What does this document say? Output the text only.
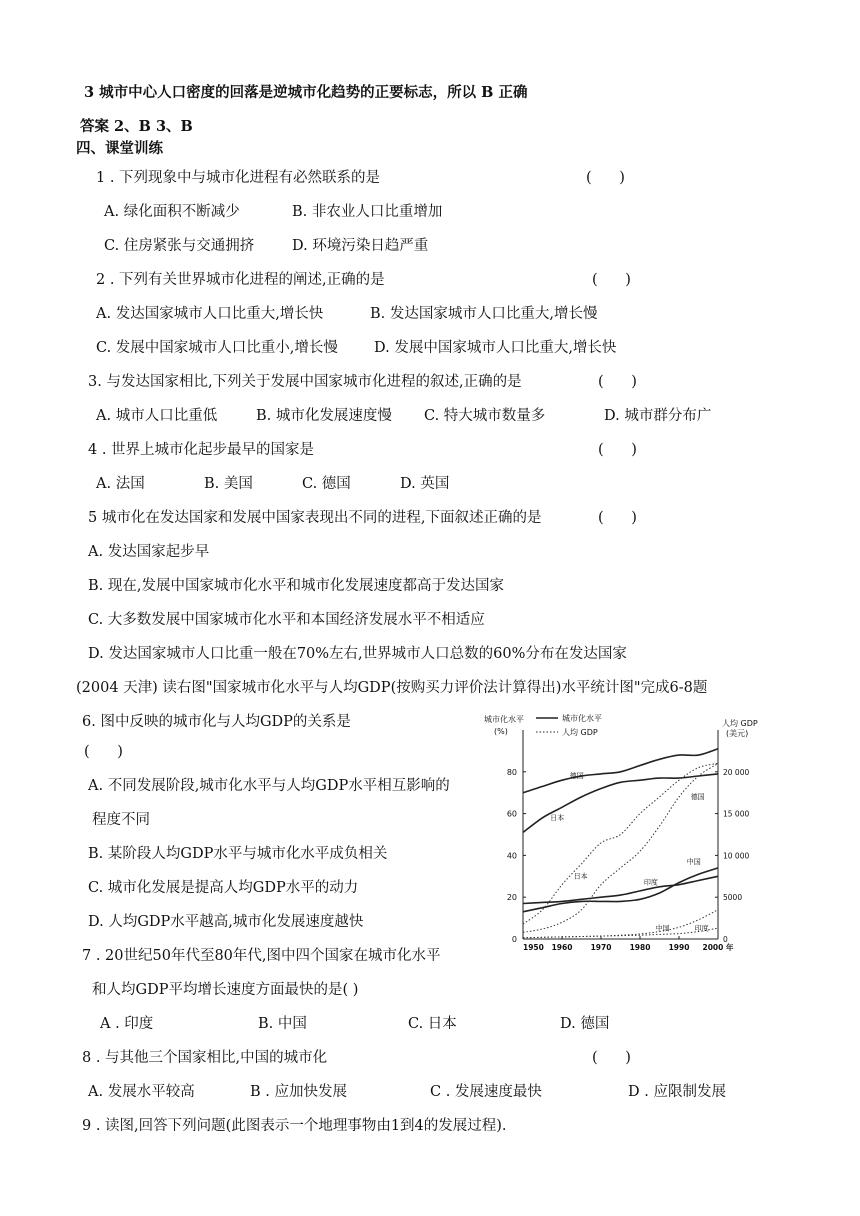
3 城市中心人口密度的回落是逆城市化趋势的正要标志，所以 B 正确
答案 2、B 3、B
四、课堂训练
1 . 下列现象中与城市化进程有必然联系的是	(      )
A. 绿化面积不断减少	B. 非农业人口比重增加
C. 住房紧张与交通拥挤	D. 环境污染日趋严重
2 . 下列有关世界城市化进程的阐述,正确的是	(      )
A. 发达国家城市人口比重大,增长快	B. 发达国家城市人口比重大,增长慢
C. 发展中国家城市人口比重小,增长慢 D. 发展中国家城市人口比重大,增长快
3. 与发达国家相比,下列关于发展中国家城市化进程的叙述,正确的是	(      )
A. 城市人口比重低	B. 城市化发展速度慢 C. 特大城市数量多	D. 城市群分布广
4 . 世界上城市化起步最早的国家是	(      )
A. 法国	B. 美国	C. 德国	D. 英国
5 城市化在发达国家和发展中国家表现出不同的进程,下面叙述正确的是	(      )
A. 发达国家起步早
B. 现在,发展中国家城市化水平和城市化发展速度都高于发达国家
C. 大多数发展中国家城市化水平和本国经济发展水平不相适应
D. 发达国家城市人口比重一般在70%左右,世界城市人口总数的60%分布在发达国家
(2004 天津) 读右图"国家城市化水平与人均GDP(按购买力评价法计算得出)水平统计图"完成6-8题
6. 图中反映的城市化与人均GDP的关系是
(      )
A. 不同发展阶段,城市化水平与人均GDP水平相互影响的
程度不同
B. 某阶段人均GDP水平与城市化水平成负相关
C. 城市化发展是提高人均GDP水平的动力
D. 人均GDP水平越高,城市化发展速度越快
7 . 20世纪50年代至80年代,图中四个国家在城市化水平
和人均GDP平均增长速度方面最快的是( )
A . 印度	B. 中国	C. 日本	D. 德国
8 . 与其他三个国家相比,中国的城市化	(      )
A. 发展水平较高	B . 应加快发展	C . 发展速度最快	D . 应限制发展
9 . 读图,回答下列问题(此图表示一个地理事物由1到4的发展过程).
0
20
40
60
80
0
5000
10 000
15 000
20 000
1950 1960 1970 1980 1990 2000 年
德国
日本
德国
日本
印度
中国
中国	印度
城市化水平
(%)
人均 GDP
(美元)
城市化水平
人均 GDP
